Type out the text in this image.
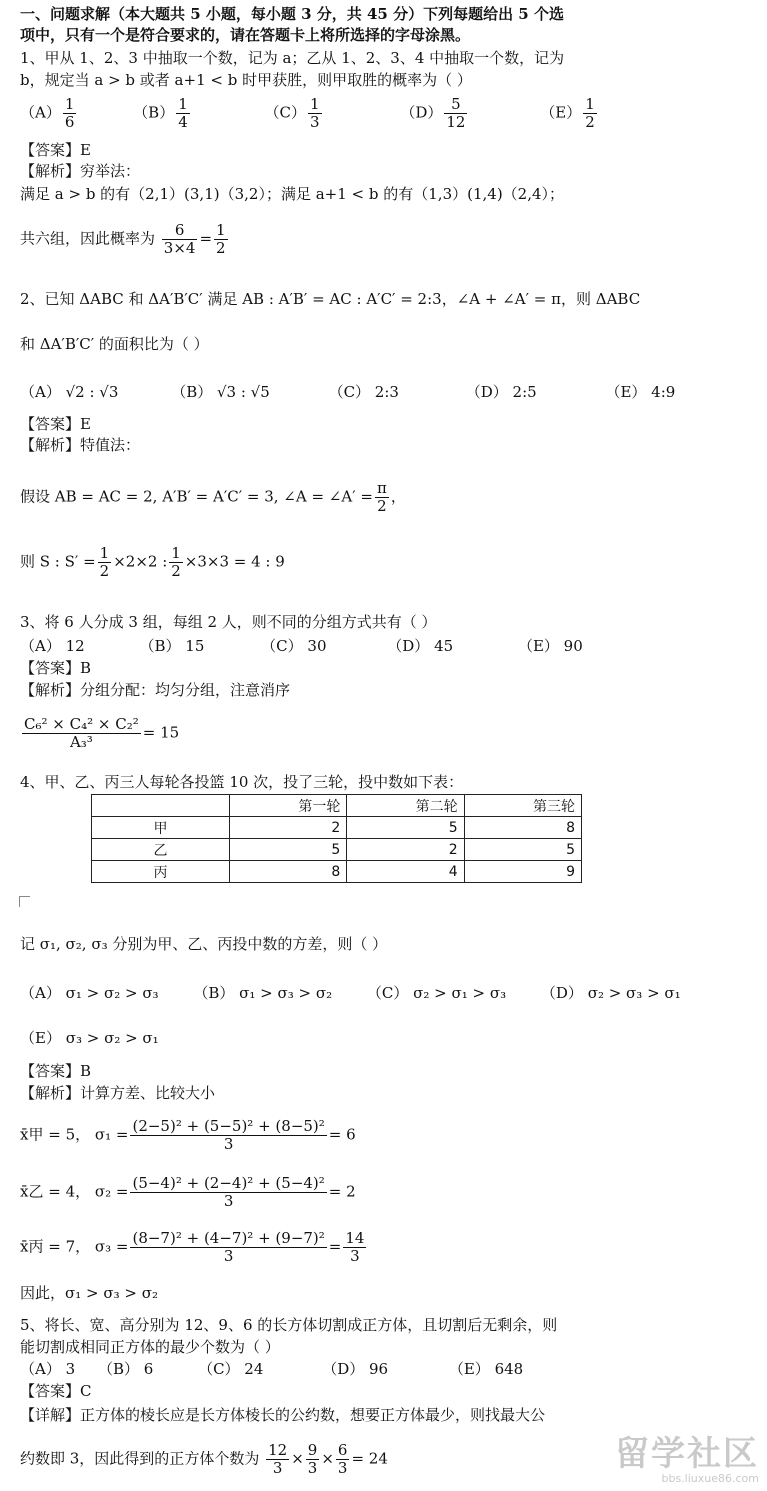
一、问题求解（本大题共 5 小题，每小题 3 分，共 45 分）下列每题给出 5 个选
项中，只有一个是符合要求的，请在答题卡上将所选择的字母涂黑。
1、甲从 1、2、3 中抽取一个数，记为 a；乙从 1、2、3、4 中抽取一个数，记为
b，规定当 a > b 或者 a+1 < b 时甲获胜，则甲取胜的概率为（ ）
$(A) \frac{1}{6}$	$(B) \frac{1}{4}$	$(C) \frac{1}{3}$	$(D) \frac{5}{12}$	$(E) \frac{1}{2}$
【答案】E
【解析】穷举法：
满足 a > b 的有（2,1）(3,1)（3,2）；满足 a+1 < b 的有（1,3）(1,4)（2,4）；
共六组，因此概率为 $\frac{6}{3\times 4} = \frac{1}{2}$
2、已知 ΔABC 和 ΔA′B′C′ 满足 AB : A′B′ = AC : A′C′ = 2:3，∠A + ∠A′ = π，则 ΔABC
和 ΔA′B′C′ 的面积比为（ ）
（A） √2 : √3	（B） √3 : √5	（C） 2:3	（D） 2:5	（E） 4:9
【答案】E
【解析】特值法：
假设 AB = AC = 2, A′B′ = A′C′ = 3, ∠A = ∠A′ = $\frac{\pi}{2}$ ，
则 S : $S' = \frac{1}{2} \times 2\times 2$ : $\frac{1}{2} \times 3\times 3 = 4$ : 9
3、将 6 人分成 3 组，每组 2 人，则不同的分组方式共有（ ）
（A） 12	（B） 15	（C） 30	（D） 45	（E） 90
【答案】B
【解析】分组分配：均匀分组，注意消序
$\frac{\text{C₆² × C₄² × C₂²}}{\text{A₃³}} = 15$
4、甲、乙、丙三人每轮各投篮 10 次，投了三轮，投中数如下表：
	第一轮	第二轮	第三轮
甲	2	5	8
乙	5	2	5
丙	8	4	9
记 σ₁, σ₂, σ₃ 分别为甲、乙、丙投中数的方差，则（ ）
（A） σ₁ > σ₂ > σ₃ （B） σ₁ > σ₃ > σ₂ （C） σ₂ > σ₁ > σ₃ （D） σ₂ > σ₃ > σ₁
（E） σ₃ > σ₂ > σ₁
【答案】B
【解析】计算方差、比较大小
x̄甲 = 5， $\sigma_1 = \frac{\text{(2−5)² + (5−5)² + (8−5)²}}{3} = 6$
x̄乙 = 4， $\sigma_2 = \frac{\text{(5−4)² + (2−4)² + (5−4)²}}{3} = 2$
x̄丙 = 7， $\sigma_3 = \frac{\text{(8−7)² + (4−7)² + (9−7)²}}{3} = \frac{14}{3}$
因此，σ₁ > σ₃ > σ₂
5、将长、宽、高分别为 12、9、6 的长方体切割成正方体，且切割后无剩余，则
能切割成相同正方体的最少个数为（ ）
（A） 3 （B） 6	（C） 24	（D） 96	（E） 648
【答案】C
【详解】正方体的棱长应是长方体棱长的公约数，想要正方体最少，则找最大公
约数即 3，因此得到的正方体个数为 $\frac{12}{3} \times \frac{9}{3} \times \frac{6}{3} = 24$	留学社区
bbs.liuxue86.com
